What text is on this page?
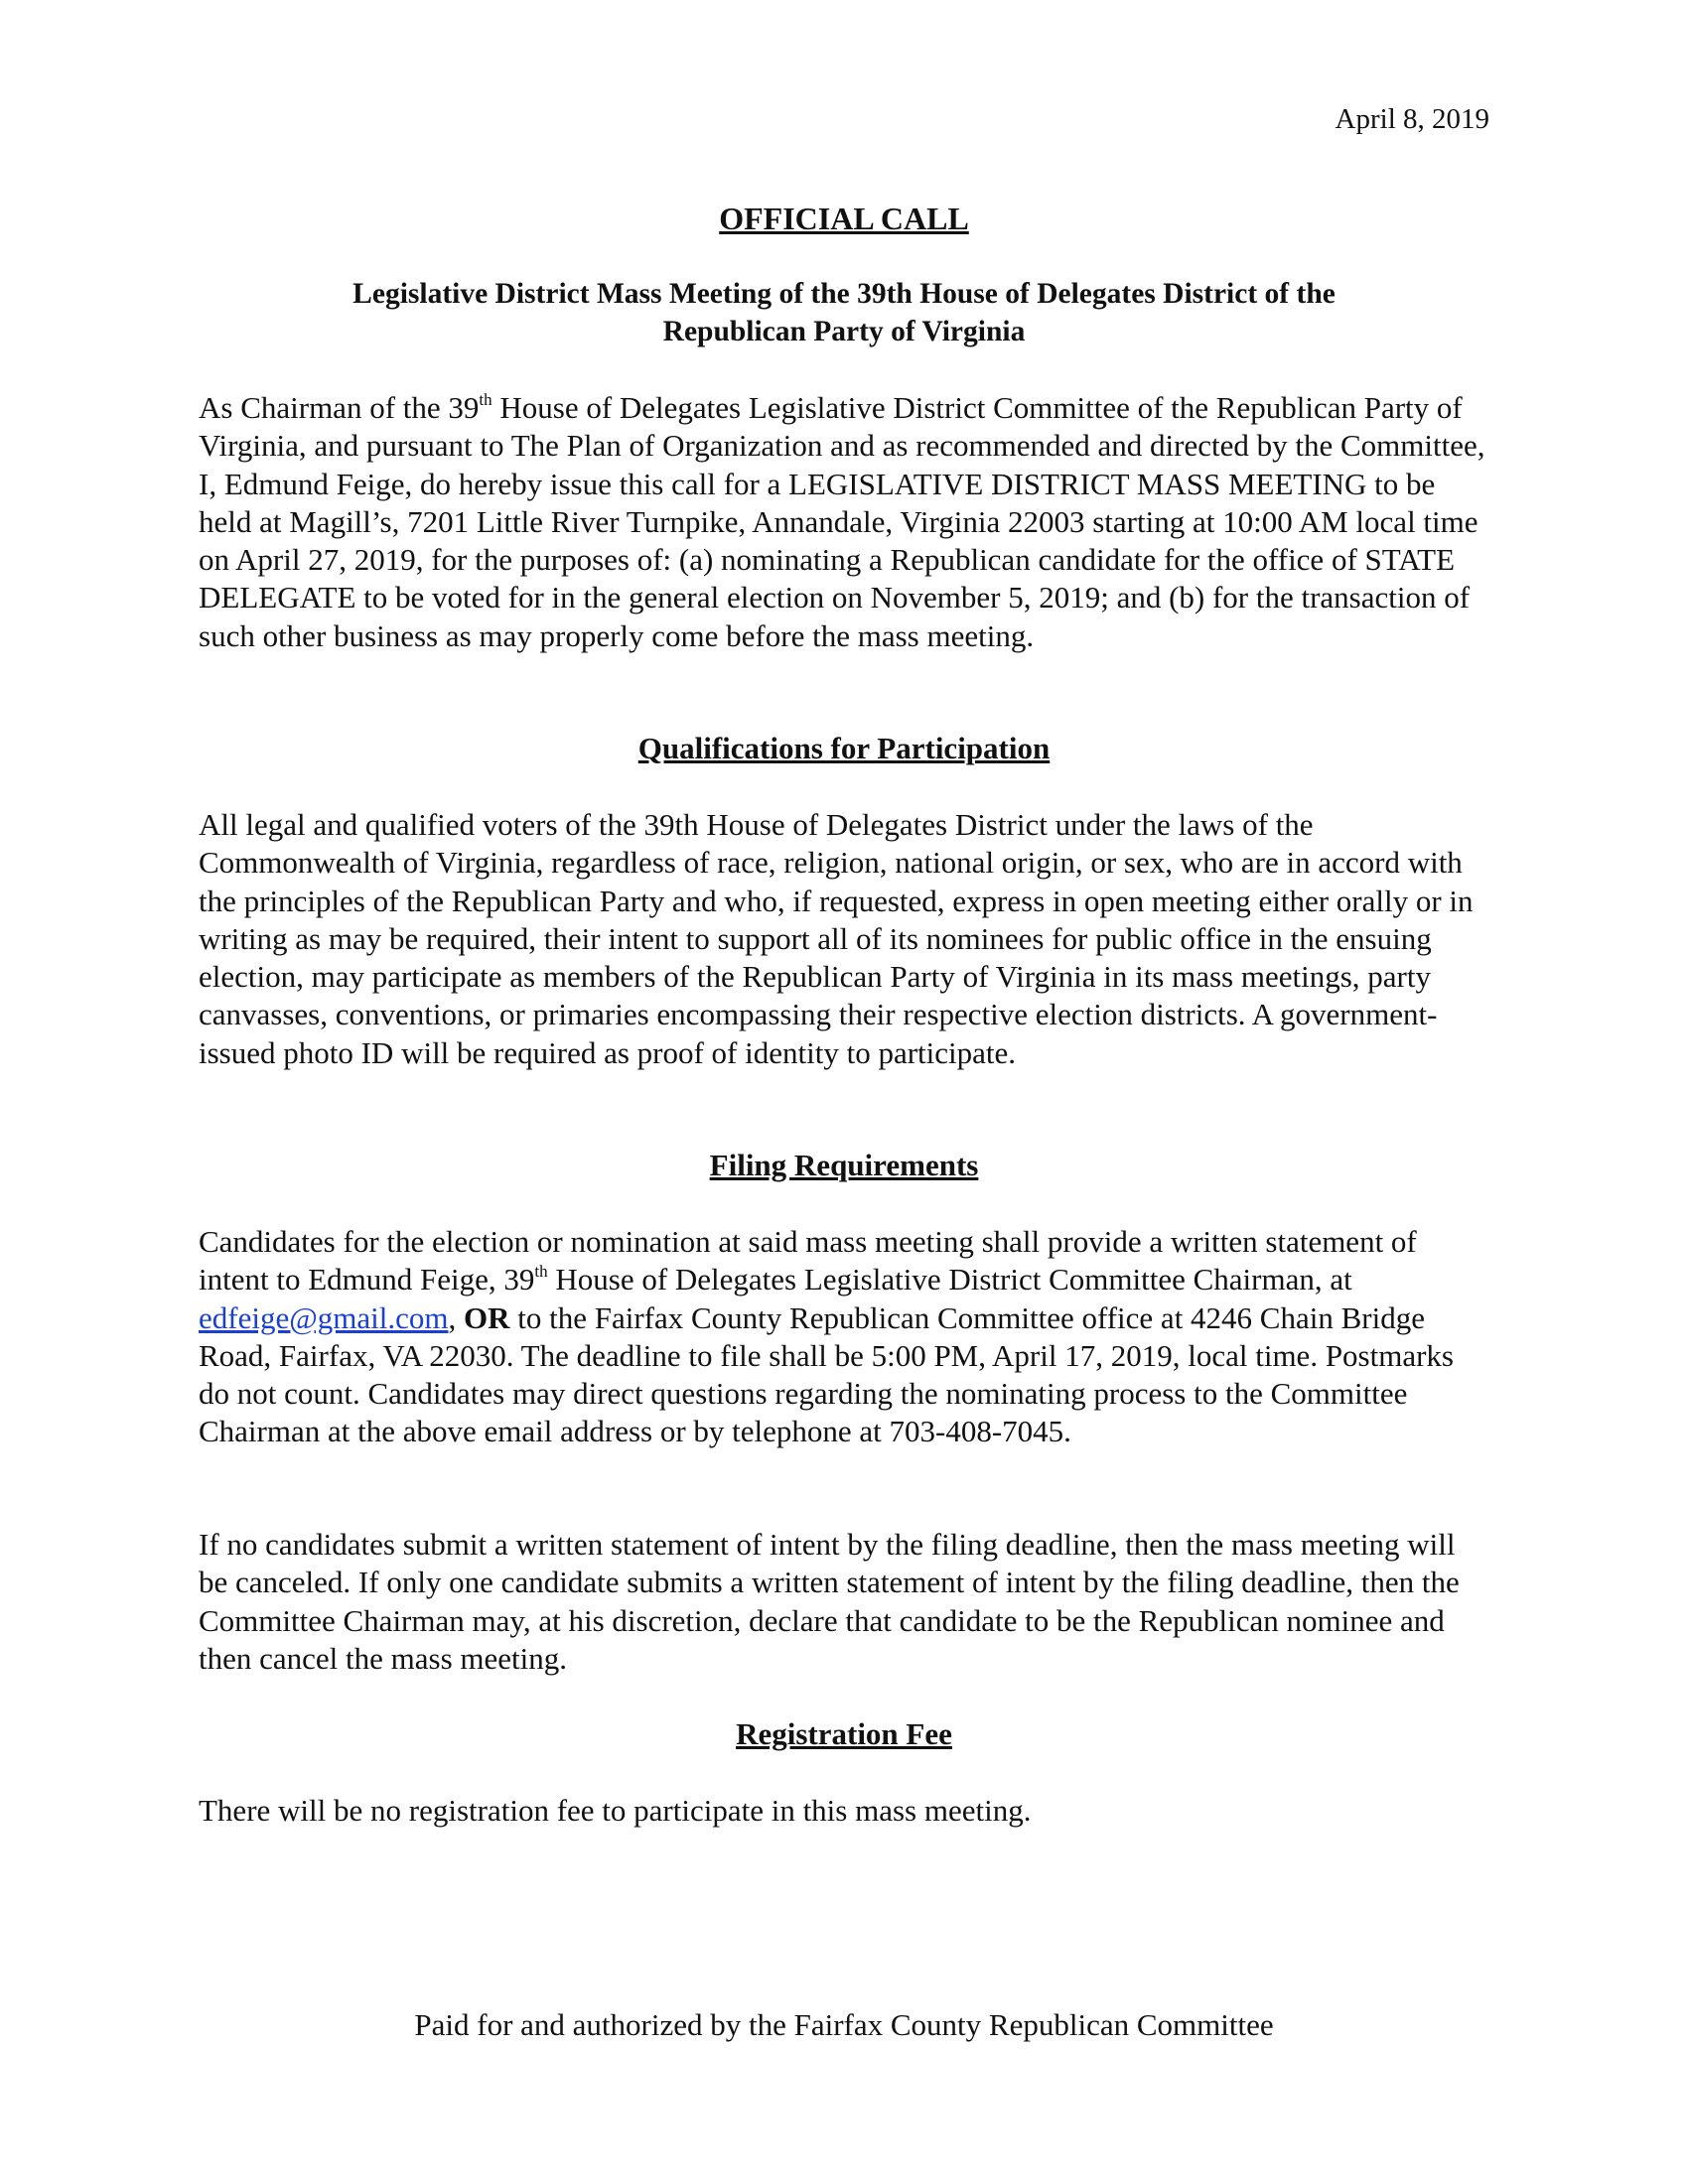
April 8, 2019
OFFICIAL CALL
Legislative District Mass Meeting of the 39th House of Delegates District of the
Republican Party of Virginia

As Chairman of the 39th House of Delegates Legislative District Committee of the Republican Party of Virginia, and pursuant to The Plan of Organization and as recommended and directed by the Committee, I, Edmund Feige, do hereby issue this call for a LEGISLATIVE DISTRICT MASS MEETING to be held at Magill’s, 7201 Little River Turnpike, Annandale, Virginia 22003 starting at 10:00 AM local time on April 27, 2019, for the purposes of: (a) nominating a Republican candidate for the office of STATE DELEGATE to be voted for in the general election on November 5, 2019; and (b) for the transaction of such other business as may properly come before the mass meeting.

Qualifications for Participation

All legal and qualified voters of the 39th House of Delegates District under the laws of the Commonwealth of Virginia, regardless of race, religion, national origin, or sex, who are in accord with the principles of the Republican Party and who, if requested, express in open meeting either orally or in writing as may be required, their intent to support all of its nominees for public office in the ensuing election, may participate as members of the Republican Party of Virginia in its mass meetings, party canvasses, conventions, or primaries encompassing their respective election districts. A government-issued photo ID will be required as proof of identity to participate.

Filing Requirements

Candidates for the election or nomination at said mass meeting shall provide a written statement of intent to Edmund Feige, 39th House of Delegates Legislative District Committee Chairman, at edfeige@gmail.com, OR to the Fairfax County Republican Committee office at 4246 Chain Bridge Road, Fairfax, VA 22030. The deadline to file shall be 5:00 PM, April 17, 2019, local time. Postmarks do not count. Candidates may direct questions regarding the nominating process to the Committee Chairman at the above email address or by telephone at 703-408-7045.

If no candidates submit a written statement of intent by the filing deadline, then the mass meeting will be canceled. If only one candidate submits a written statement of intent by the filing deadline, then the Committee Chairman may, at his discretion, declare that candidate to be the Republican nominee and then cancel the mass meeting.

Registration Fee

There will be no registration fee to participate in this mass meeting.

Paid for and authorized by the Fairfax County Republican Committee
